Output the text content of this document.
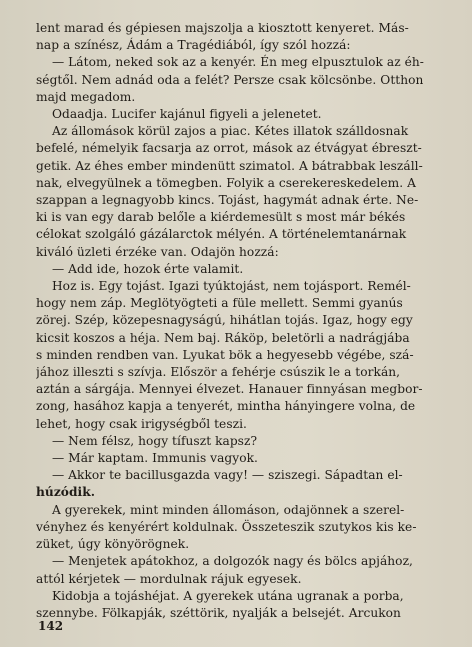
lent marad és gépiesen majszolja a kiosztott kenyeret. Más-
nap a színész, Ádám a Tragédiából, így szól hozzá:
— Látom, neked sok az a kenyér. Én meg elpusztulok az éh-
ségtől. Nem adnád oda a felét? Persze csak kölcsönbe. Otthon
majd megadom.
Odaadja. Lucifer kajánul figyeli a jelenetet.
Az állomások körül zajos a piac. Kétes illatok szálldosnak
befelé, némelyik facsarja az orrot, mások az étvágyat ébreszt-
getik. Az éhes ember mindenütt szimatol. A bátrabbak leszáll-
nak, elvegyülnek a tömegben. Folyik a cserekereskedelem. A
szappan a legnagyobb kincs. Tojást, hagymát adnak érte. Ne-
ki is van egy darab belőle a kiérdemesült s most már békés
célokat szolgáló gázálarctok mélyén. A történelemtanárnak
kiváló üzleti érzéke van. Odajön hozzá:
— Add ide, hozok érte valamit.
Hoz is. Egy tojást. Igazi tyúktojást, nem tojásport. Remél-
hogy nem záp. Meglötyögteti a füle mellett. Semmi gyanús
zörej. Szép, közepesnagyságú, hihátlan tojás. Igaz, hogy egy
kicsit koszos a héja. Nem baj. Ráköp, beletörli a nadrágjába
s minden rendben van. Lyukat bök a hegyesebb végébe, szá-
jához illeszti s szívja. Először a fehérje csúszik le a torkán,
aztán a sárgája. Mennyei élvezet. Hanauer finnyásan megbor-
zong, hasához kapja a tenyerét, mintha hányingere volna, de
lehet, hogy csak irigységből teszi.
— Nem félsz, hogy tífuszt kapsz?
— Már kaptam. Immunis vagyok.
— Akkor te bacillusgazda vagy! — sziszegi. Sápadtan el-
húzódik.
A gyerekek, mint minden állomáson, odajönnek a szerel-
vényhez és kenyérért koldulnak. Összeteszik szutykos kis ke-
züket, úgy könyörögnek.
— Menjetek apátokhoz, a dolgozók nagy és bölcs apjához,
attól kérjetek — mordulnak rájuk egyesek.
Kidobja a tojáshéjat. A gyerekek utána ugranak a porba,
szennybe. Fölkapják, széttörik, nyalják a belsejét. Arcukon
142
